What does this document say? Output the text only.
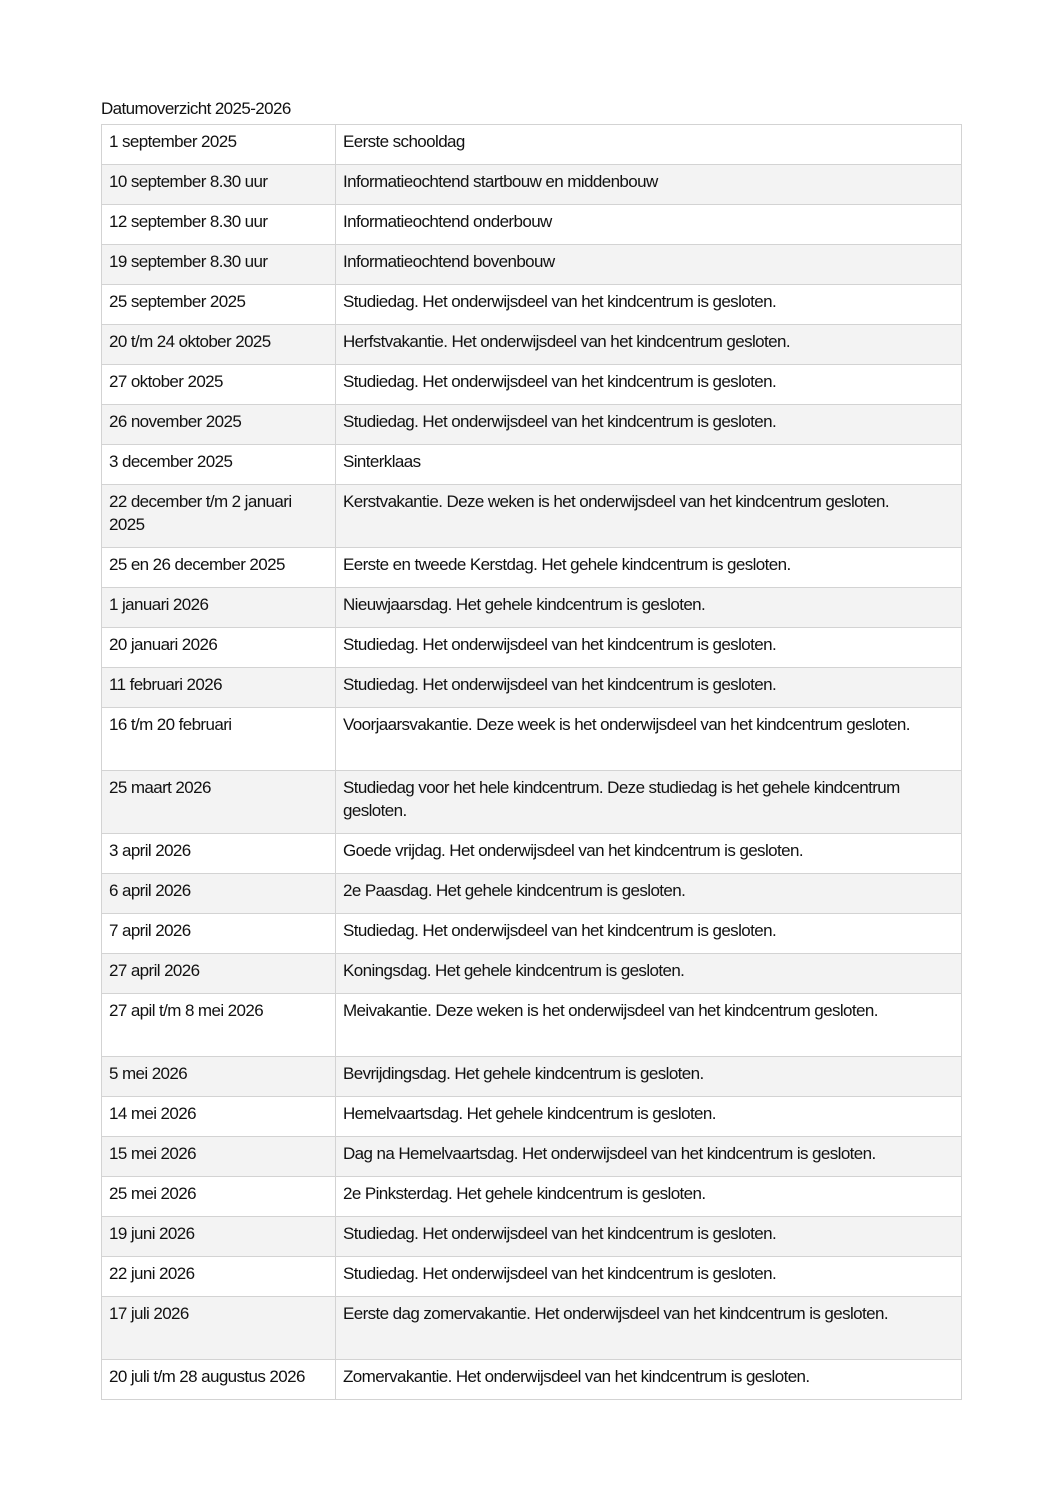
Datumoverzicht 2025-2026
1 september 2025	Eerste schooldag
10 september 8.30 uur	Informatieochtend startbouw en middenbouw
12 september 8.30 uur	Informatieochtend onderbouw
19 september 8.30 uur	Informatieochtend bovenbouw
25 september 2025	Studiedag. Het onderwijsdeel van het kindcentrum is gesloten.
20 t/m 24 oktober 2025	Herfstvakantie. Het onderwijsdeel van het kindcentrum gesloten.
27 oktober 2025	Studiedag. Het onderwijsdeel van het kindcentrum is gesloten.
26 november 2025	Studiedag. Het onderwijsdeel van het kindcentrum is gesloten.
3 december 2025	Sinterklaas
22 december t/m 2 januari 2025	Kerstvakantie. Deze weken is het onderwijsdeel van het kindcentrum gesloten.
25 en 26 december 2025	Eerste en tweede Kerstdag. Het gehele kindcentrum is gesloten.
1 januari 2026	Nieuwjaarsdag. Het gehele kindcentrum is gesloten.
20 januari 2026	Studiedag. Het onderwijsdeel van het kindcentrum is gesloten.
11 februari 2026	Studiedag. Het onderwijsdeel van het kindcentrum is gesloten.
16 t/m 20 februari	Voorjaarsvakantie. Deze week is het onderwijsdeel van het kindcentrum gesloten.
25 maart 2026	Studiedag voor het hele kindcentrum. Deze studiedag is het gehele kindcentrum gesloten.
3 april 2026	Goede vrijdag. Het onderwijsdeel van het kindcentrum is gesloten.
6 april 2026	2e Paasdag. Het gehele kindcentrum is gesloten.
7 april 2026	Studiedag. Het onderwijsdeel van het kindcentrum is gesloten.
27 april 2026	Koningsdag. Het gehele kindcentrum is gesloten.
27 apil t/m 8 mei 2026	Meivakantie. Deze weken is het onderwijsdeel van het kindcentrum gesloten.
5 mei 2026	Bevrijdingsdag. Het gehele kindcentrum is gesloten.
14 mei 2026	Hemelvaartsdag. Het gehele kindcentrum is gesloten.
15 mei 2026	Dag na Hemelvaartsdag. Het onderwijsdeel van het kindcentrum is gesloten.
25 mei 2026	2e Pinksterdag. Het gehele kindcentrum is gesloten.
19 juni 2026	Studiedag. Het onderwijsdeel van het kindcentrum is gesloten.
22 juni 2026	Studiedag. Het onderwijsdeel van het kindcentrum is gesloten.
17 juli 2026	Eerste dag zomervakantie. Het onderwijsdeel van het kindcentrum is gesloten.
20 juli t/m 28 augustus 2026	Zomervakantie. Het onderwijsdeel van het kindcentrum is gesloten.
